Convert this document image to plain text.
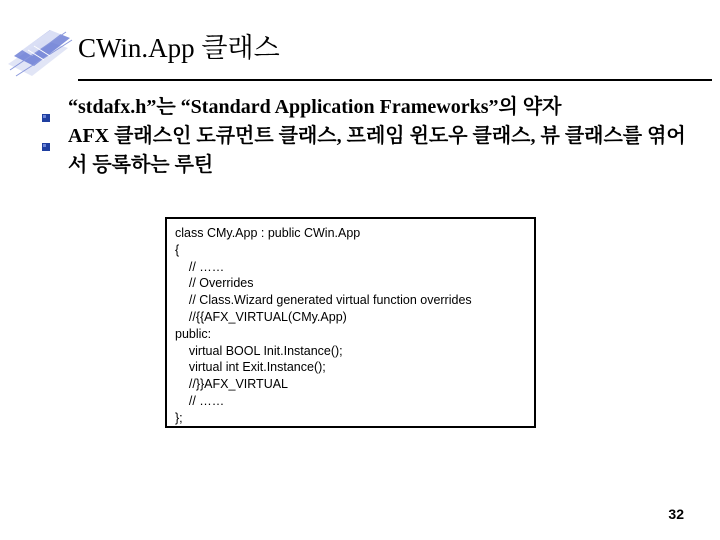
CWin.App 클래스
“stdafx.h”는 “Standard Application Frameworks”의 약자
AFX 클래스인 도큐먼트 클래스, 프레임 윈도우 클래스, 뷰 클래스를 엮어서 등록하는 루틴
class CMy.App : public CWin.App
{
// ……
// Overrides
// Class.Wizard generated virtual function overrides
//{{AFX_VIRTUAL(CMy.App)
public:
virtual BOOL Init.Instance();
virtual int Exit.Instance();
//}}AFX_VIRTUAL
// ……
};
32
